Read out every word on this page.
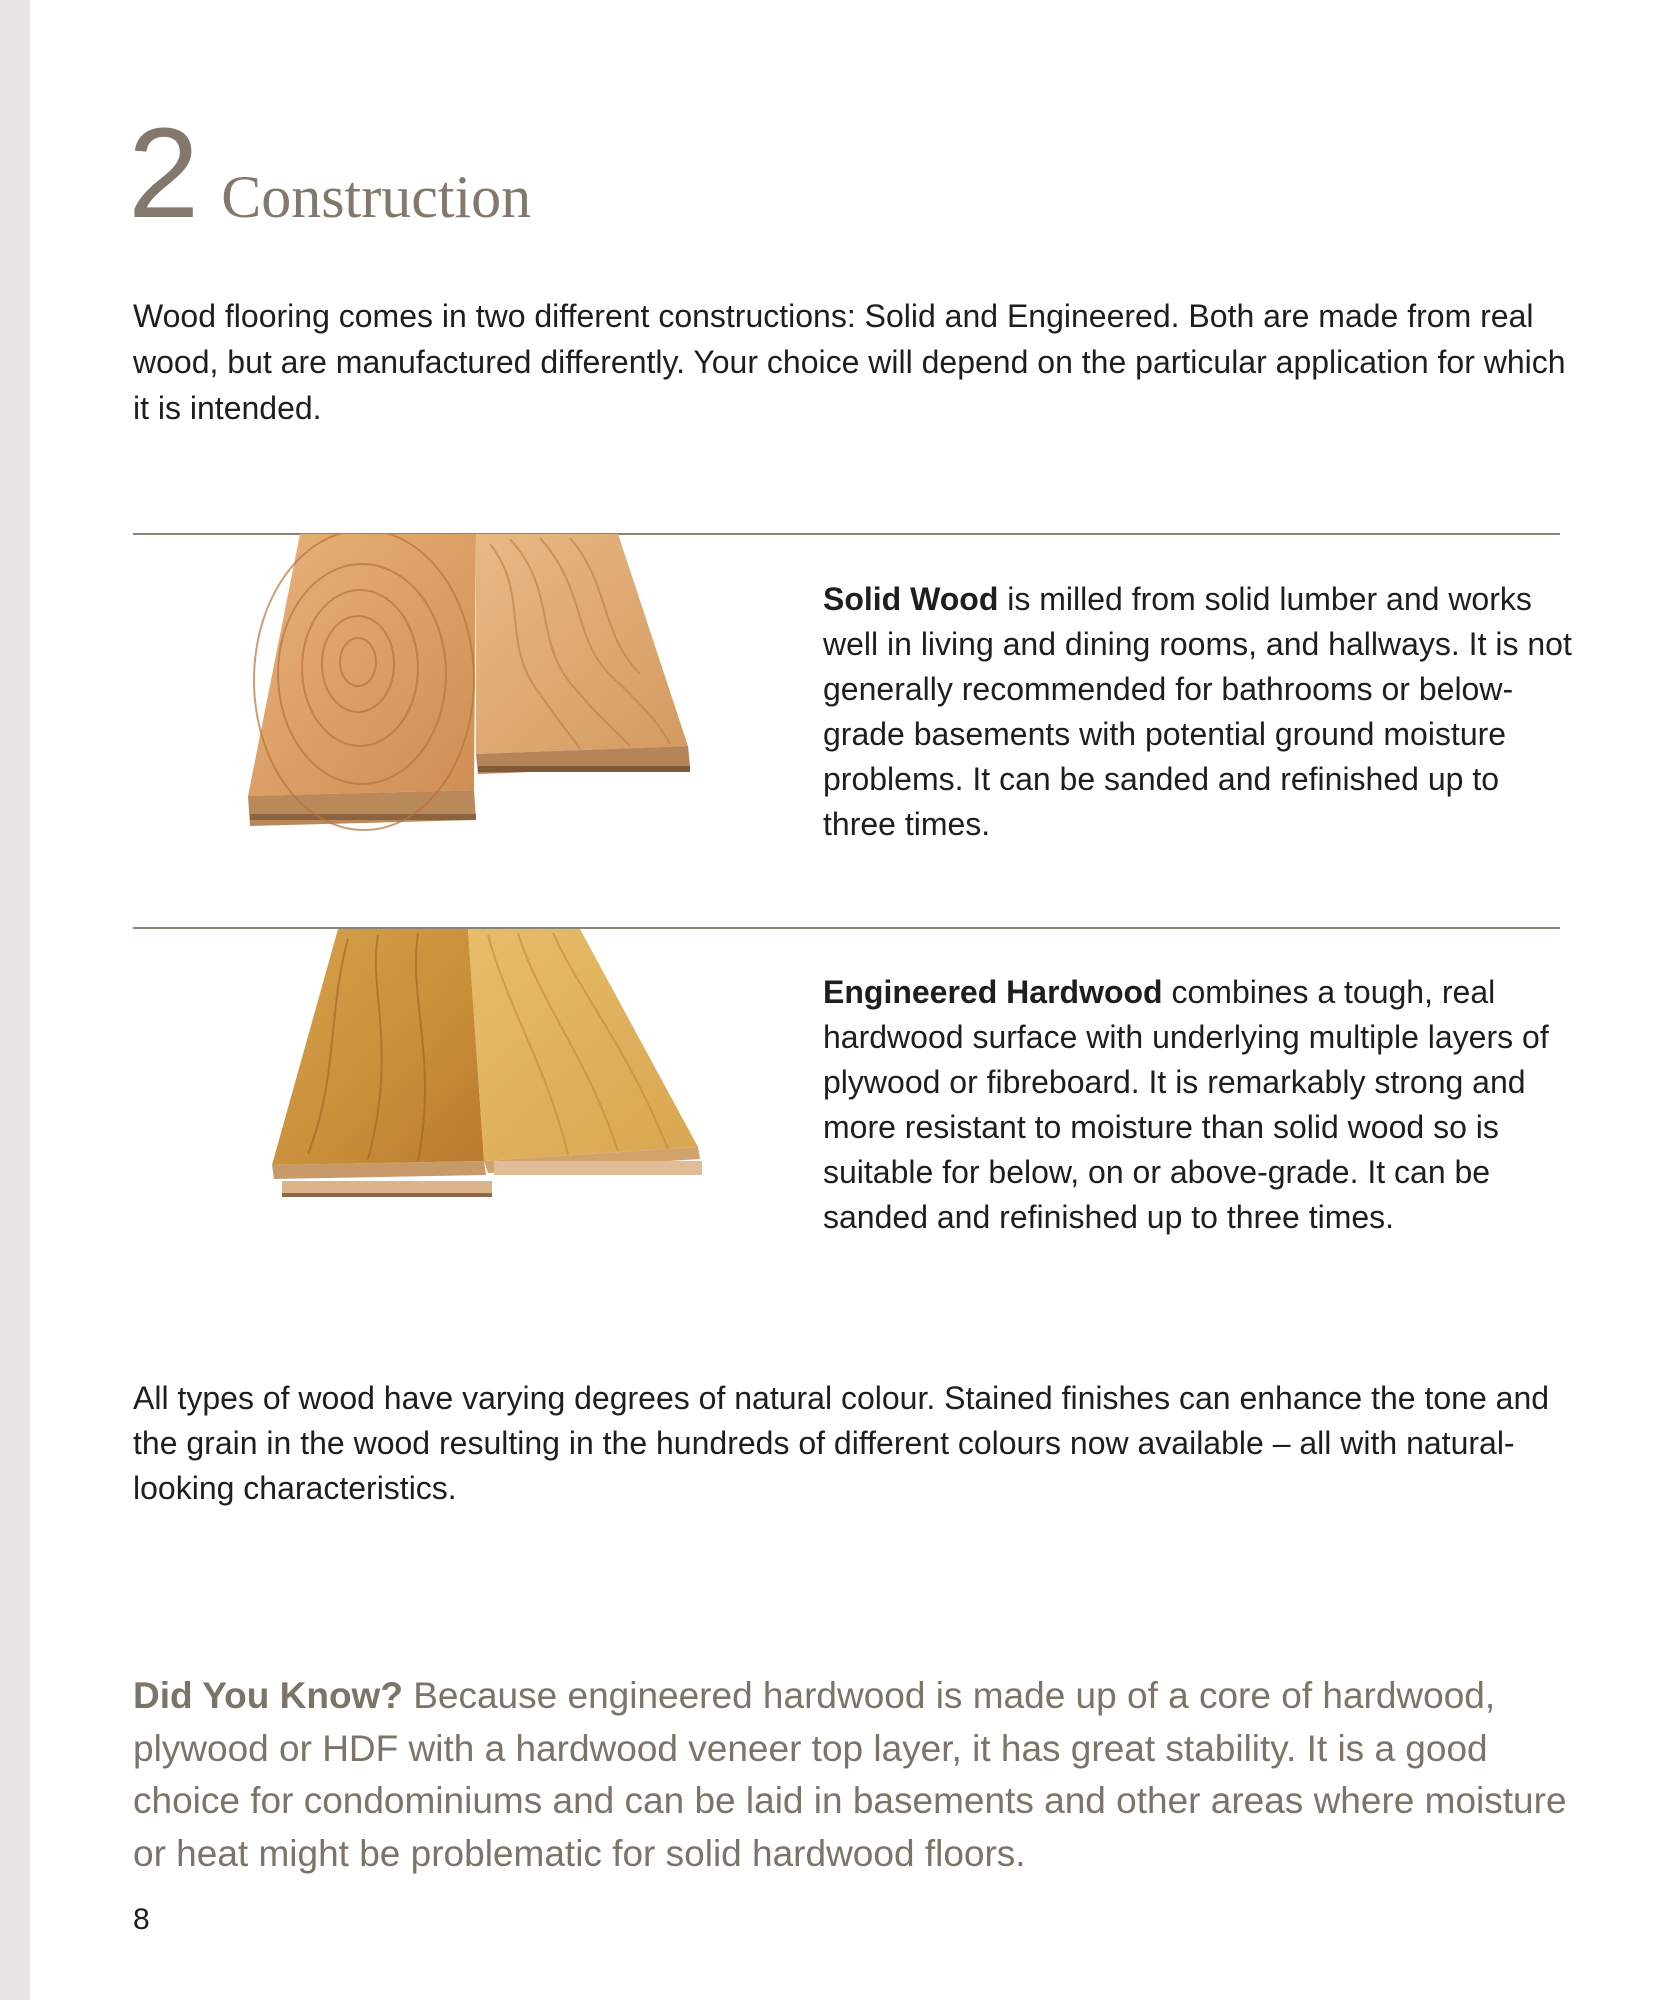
2 Construction

Wood flooring comes in two different constructions: Solid and Engineered. Both are made from real wood, but are manufactured differently. Your choice will depend on the particular application for which it is intended.

Solid Wood is milled from solid lumber and works well in living and dining rooms, and hallways. It is not generally recommended for bathrooms or below-grade basements with potential ground moisture problems. It can be sanded and refinished up to three times.

Engineered Hardwood combines a tough, real hardwood surface with underlying multiple layers of plywood or fibreboard. It is remarkably strong and more resistant to moisture than solid wood so is suitable for below, on or above-grade. It can be sanded and refinished up to three times.

All types of wood have varying degrees of natural colour. Stained finishes can enhance the tone and the grain in the wood resulting in the hundreds of different colours now available – all with natural-looking characteristics.

Did You Know? Because engineered hardwood is made up of a core of hardwood, plywood or HDF with a hardwood veneer top layer, it has great stability. It is a good choice for condominiums and can be laid in basements and other areas where moisture or heat might be problematic for solid hardwood floors.

8
